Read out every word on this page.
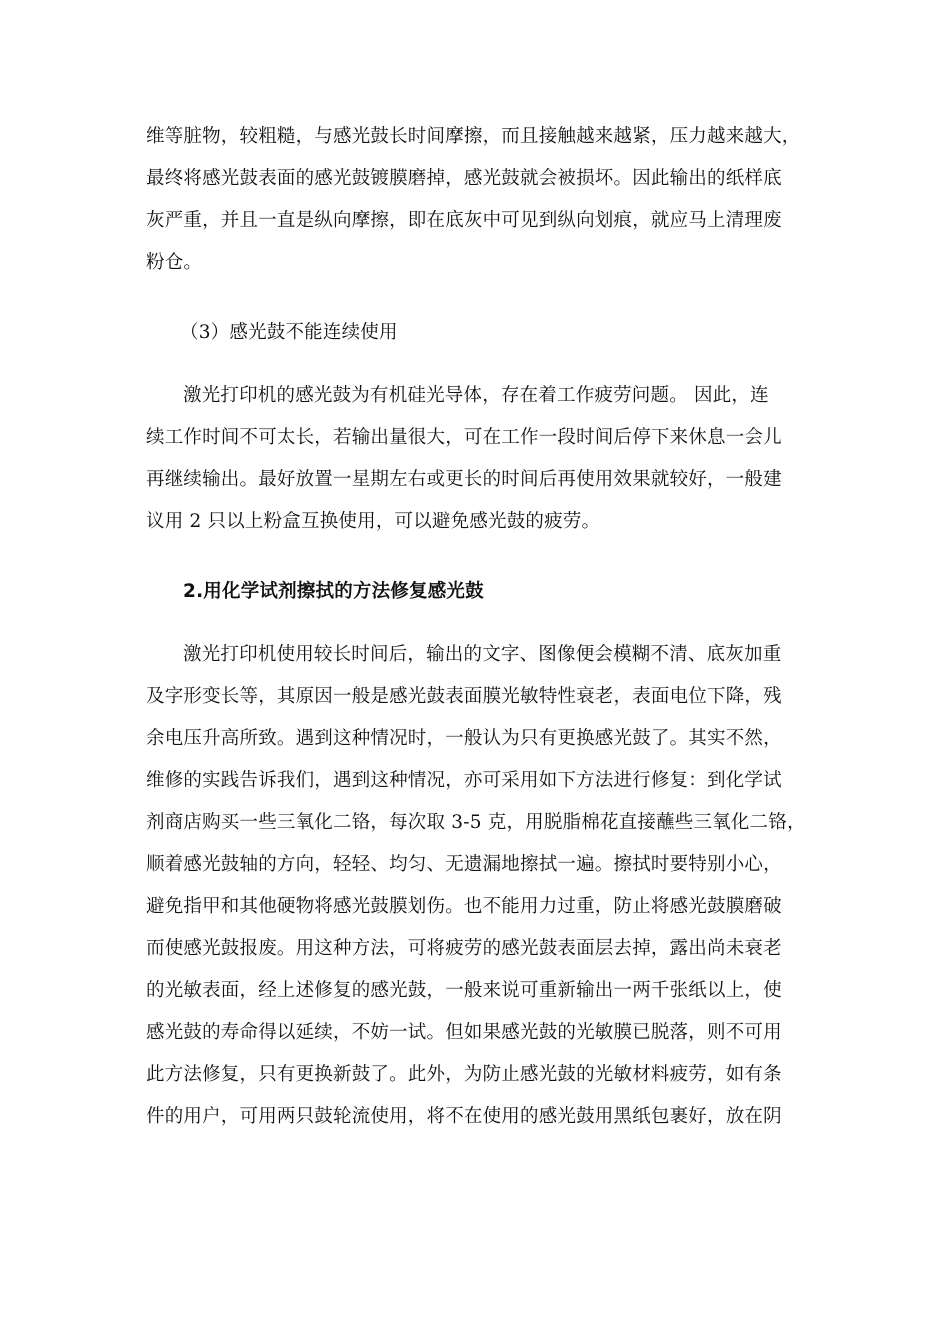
维等脏物，较粗糙，与感光鼓长时间摩擦，而且接触越来越紧，压力越来越大，
最终将感光鼓表面的感光鼓镀膜磨掉，感光鼓就会被损坏。因此输出的纸样底
灰严重，并且一直是纵向摩擦，即在底灰中可见到纵向划痕，就应马上清理废
粉仓。
（3）感光鼓不能连续使用
激光打印机的感光鼓为有机硅光导体，存在着工作疲劳问题。 因此，连
续工作时间不可太长，若输出量很大，可在工作一段时间后停下来休息一会儿
再继续输出。最好放置一星期左右或更长的时间后再使用效果就较好，一般建
议用 2 只以上粉盒互换使用，可以避免感光鼓的疲劳。
2.用化学试剂擦拭的方法修复感光鼓
激光打印机使用较长时间后，输出的文字、图像便会模糊不清、底灰加重
及字形变长等，其原因一般是感光鼓表面膜光敏特性衰老，表面电位下降，残
余电压升高所致。遇到这种情况时，一般认为只有更换感光鼓了。其实不然，
维修的实践告诉我们，遇到这种情况，亦可采用如下方法进行修复：到化学试
剂商店购买一些三氧化二铬，每次取 3-5 克，用脱脂棉花直接蘸些三氧化二铬，
顺着感光鼓轴的方向，轻轻、均匀、无遗漏地擦拭一遍。擦拭时要特别小心，
避免指甲和其他硬物将感光鼓膜划伤。也不能用力过重，防止将感光鼓膜磨破
而使感光鼓报废。用这种方法，可将疲劳的感光鼓表面层去掉，露出尚未衰老
的光敏表面，经上述修复的感光鼓，一般来说可重新输出一两千张纸以上，使
感光鼓的寿命得以延续，不妨一试。但如果感光鼓的光敏膜已脱落，则不可用
此方法修复，只有更换新鼓了。此外，为防止感光鼓的光敏材料疲劳，如有条
件的用户，可用两只鼓轮流使用，将不在使用的感光鼓用黑纸包裹好，放在阴
